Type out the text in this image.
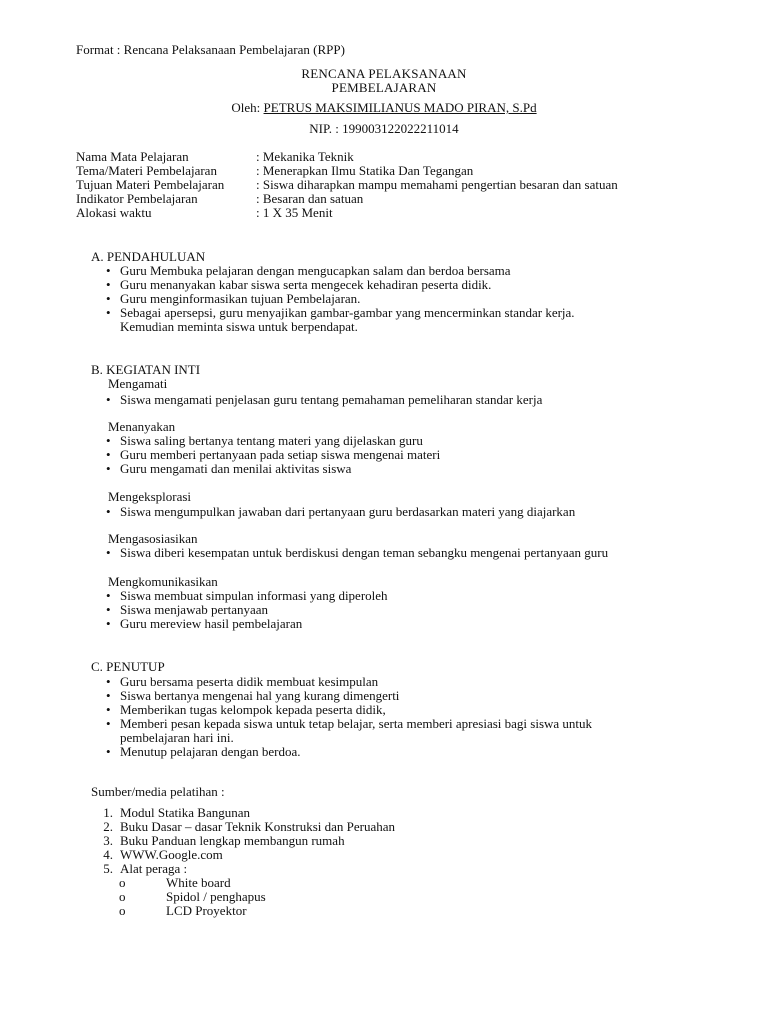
Format : Rencana Pelaksanaan Pembelajaran (RPP)
RENCANA PELAKSANAAN
PEMBELAJARAN
Oleh: PETRUS MAKSIMILIANUS MADO PIRAN, S.Pd
NIP. : 199003122022211014
Nama Mata Pelajaran	: Mekanika Teknik
Tema/Materi Pembelajaran	: Menerapkan Ilmu Statika Dan Tegangan
Tujuan Materi Pembelajaran : Siswa diharapkan mampu memahami pengertian besaran dan satuan
Indikator Pembelajaran	: Besaran dan satuan
Alokasi waktu	: 1 X 35 Menit
A. PENDAHULUAN
• Guru Membuka pelajaran dengan mengucapkan salam dan berdoa bersama
• Guru menanyakan kabar siswa serta mengecek kehadiran peserta didik.
• Guru menginformasikan tujuan Pembelajaran.
• Sebagai apersepsi, guru menyajikan gambar-gambar yang mencerminkan standar kerja.
Kemudian meminta siswa untuk berpendapat.
B. KEGIATAN INTI
Mengamati
• Siswa mengamati penjelasan guru tentang pemahaman pemeliharan standar kerja
Menanyakan
• Siswa saling bertanya tentang materi yang dijelaskan guru
• Guru memberi pertanyaan pada setiap siswa mengenai materi
• Guru mengamati dan menilai aktivitas siswa
Mengeksplorasi
• Siswa mengumpulkan jawaban dari pertanyaan guru berdasarkan materi yang diajarkan
Mengasosiasikan
• Siswa diberi kesempatan untuk berdiskusi dengan teman sebangku mengenai pertanyaan guru
Mengkomunikasikan
• Siswa membuat simpulan informasi yang diperoleh
• Siswa menjawab pertanyaan
• Guru mereview hasil pembelajaran
C. PENUTUP
• Guru bersama peserta didik membuat kesimpulan
• Siswa bertanya mengenai hal yang kurang dimengerti
• Memberikan tugas kelompok kepada peserta didik,
• Memberi pesan kepada siswa untuk tetap belajar, serta memberi apresiasi bagi siswa untuk
pembelajaran hari ini.
• Menutup pelajaran dengan berdoa.
Sumber/media pelatihan :
1. Modul Statika Bangunan
2. Buku Dasar – dasar Teknik Konstruksi dan Peruahan
3. Buku Panduan lengkap membangun rumah
4. WWW.Google.com
5. Alat peraga :
o	White board
o	Spidol / penghapus
o	LCD Proyektor
